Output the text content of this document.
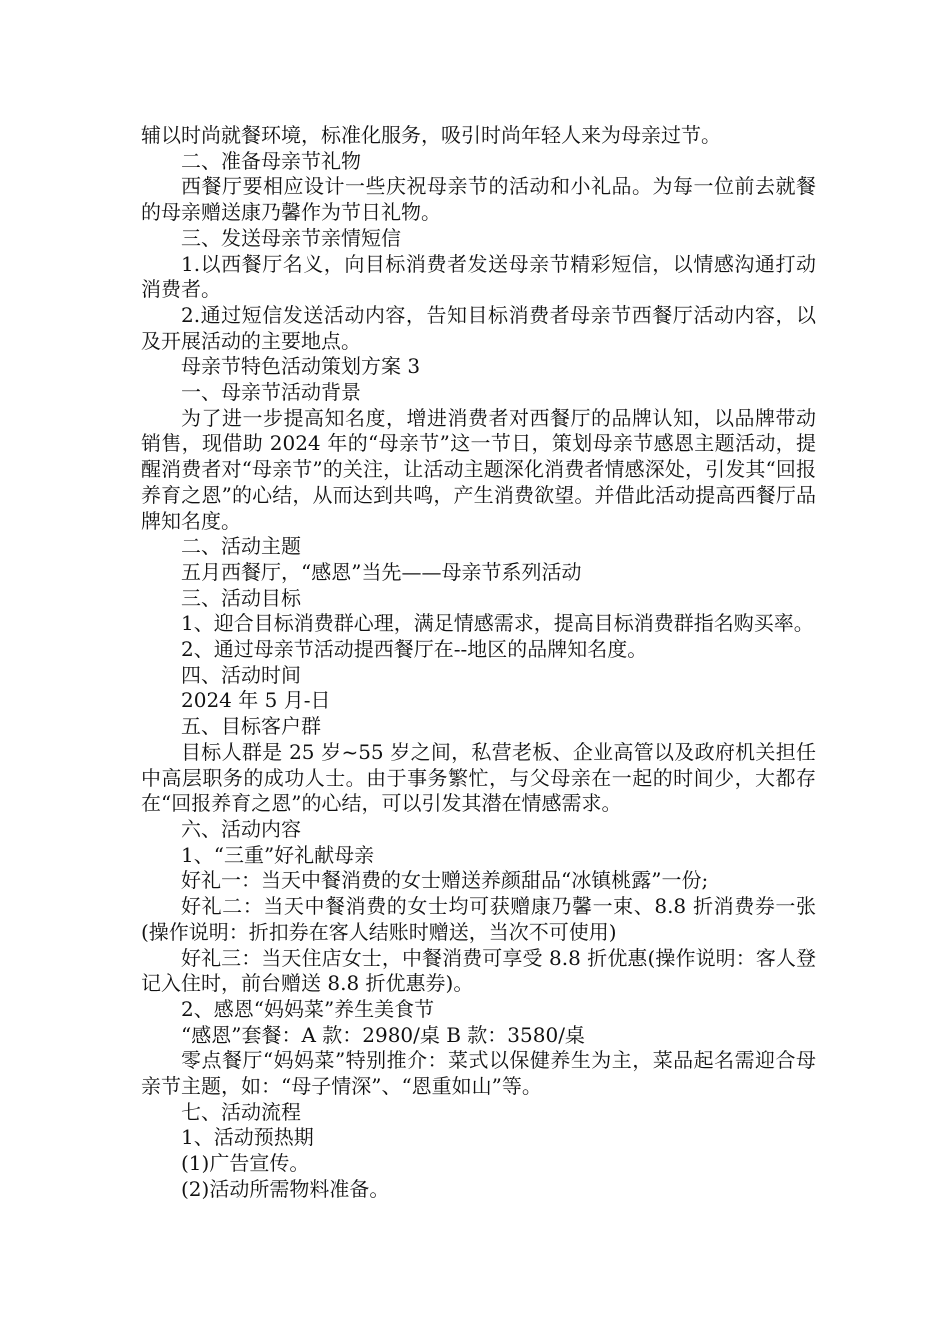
辅以时尚就餐环境，标准化服务，吸引时尚年轻人来为母亲过节。

二、准备母亲节礼物

西餐厅要相应设计一些庆祝母亲节的活动和小礼品。为每一位前去就餐的母亲赠送康乃馨作为节日礼物。

三、发送母亲节亲情短信

1.以西餐厅名义，向目标消费者发送母亲节精彩短信，以情感沟通打动消费者。

2.通过短信发送活动内容，告知目标消费者母亲节西餐厅活动内容，以及开展活动的主要地点。

母亲节特色活动策划方案 3

一、母亲节活动背景

为了进一步提高知名度，增进消费者对西餐厅的品牌认知，以品牌带动销售，现借助 2024 年的“母亲节”这一节日，策划母亲节感恩主题活动，提醒消费者对“母亲节”的关注，让活动主题深化消费者情感深处，引发其“回报养育之恩”的心结，从而达到共鸣，产生消费欲望。并借此活动提高西餐厅品牌知名度。

二、活动主题

五月西餐厅，“感恩”当先——母亲节系列活动

三、活动目标

1、迎合目标消费群心理，满足情感需求，提高目标消费群指名购买率。

2、通过母亲节活动提西餐厅在--地区的品牌知名度。

四、活动时间

2024 年 5 月-日

五、目标客户群

目标人群是 25 岁~55 岁之间，私营老板、企业高管以及政府机关担任中高层职务的成功人士。由于事务繁忙，与父母亲在一起的时间少，大都存在“回报养育之恩”的心结，可以引发其潜在情感需求。

六、活动内容

1、“三重”好礼献母亲

好礼一：当天中餐消费的女士赠送养颜甜品“冰镇桃露”一份;

好礼二：当天中餐消费的女士均可获赠康乃馨一束、8.8 折消费券一张(操作说明：折扣券在客人结账时赠送，当次不可使用)

好礼三：当天住店女士，中餐消费可享受 8.8 折优惠(操作说明：客人登记入住时，前台赠送 8.8 折优惠券)。

2、感恩“妈妈菜”养生美食节

“感恩”套餐：A 款：2980/桌 B 款：3580/桌

零点餐厅“妈妈菜”特别推介：菜式以保健养生为主，菜品起名需迎合母亲节主题，如：“母子情深”、“恩重如山”等。

七、活动流程

1、活动预热期

(1)广告宣传。

(2)活动所需物料准备。
